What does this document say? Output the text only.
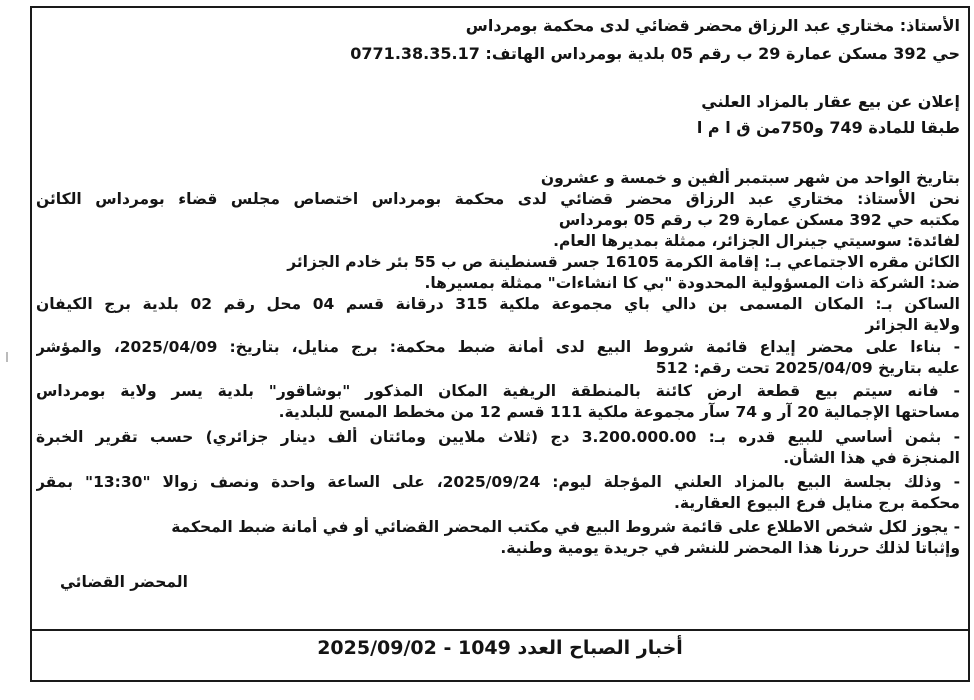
الأستاذ: مختاري عبد الرزاق محضر قضائي لدى محكمة بومرداس

حي 392 مسكن عمارة 29 ب رقم 05 بلدية بومرداس الهاتف: 0771.38.35.17

إعلان عن بيع عقار بالمزاد العلني

طبقا للمادة 749 و750من ق ا م ا

بتاريخ الواحد من شهر سبتمبر ألفين و خمسة و عشرون

نحن الأستاذ: مختاري عبد الرزاق محضر قضائي لدى محكمة بومرداس اختصاص مجلس قضاء بومرداس الكائن

مكتبه حي 392 مسكن عمارة 29 ب رقم 05 بومرداس

لفائدة: سوسيتي جينرال الجزائر، ممثلة بمديرها العام.

الكائن مقره الاجتماعي بـ: إقامة الكرمة 16105 جسر قسنطينة ص ب 55 بئر خادم الجزائر

ضد: الشركة ذات المسؤولية المحدودة "بي كا انشاءات" ممثلة بمسيرها.

الساكن بـ: المكان المسمى بن دالي باي مجموعة ملكية 315 درقانة قسم 04 محل رقم 02 بلدية برج الكيفان

ولاية الجزائر

- بناءا على محضر إيداع قائمة شروط البيع لدى أمانة ضبط محكمة: برج منايل، بتاريخ: 2025/04/09، والمؤشر

عليه بتاريخ 2025/04/09 تحت رقم: 512

- فانه سيتم بيع قطعة ارض كائنة بالمنطقة الريفية المكان المذكور "بوشاقور" بلدية يسر ولاية بومرداس

مساحتها الإجمالية 20 آر و 74 سآر مجموعة ملكية 111 قسم 12 من مخطط المسح للبلدية.

- بثمن أساسي للبيع قدره بـ: 3.200.000.00 دج (ثلاث ملايين ومائتان ألف دينار جزائري) حسب تقرير الخبرة

المنجزة في هذا الشأن.

- وذلك بجلسة البيع بالمزاد العلني المؤجلة ليوم: 2025/09/24، على الساعة واحدة ونصف زوالا "13:30" بمقر

محكمة برج منايل فرع البيوع العقارية.

- يجوز لكل شخص الاطلاع على قائمة شروط البيع في مكتب المحضر القضائي أو في أمانة ضبط المحكمة

وإثباتا لذلك حررنا هذا المحضر للنشر في جريدة يومية وطنية.

المحضر القضائي

أخبار الصباح العدد 1049 - 2025/09/02
